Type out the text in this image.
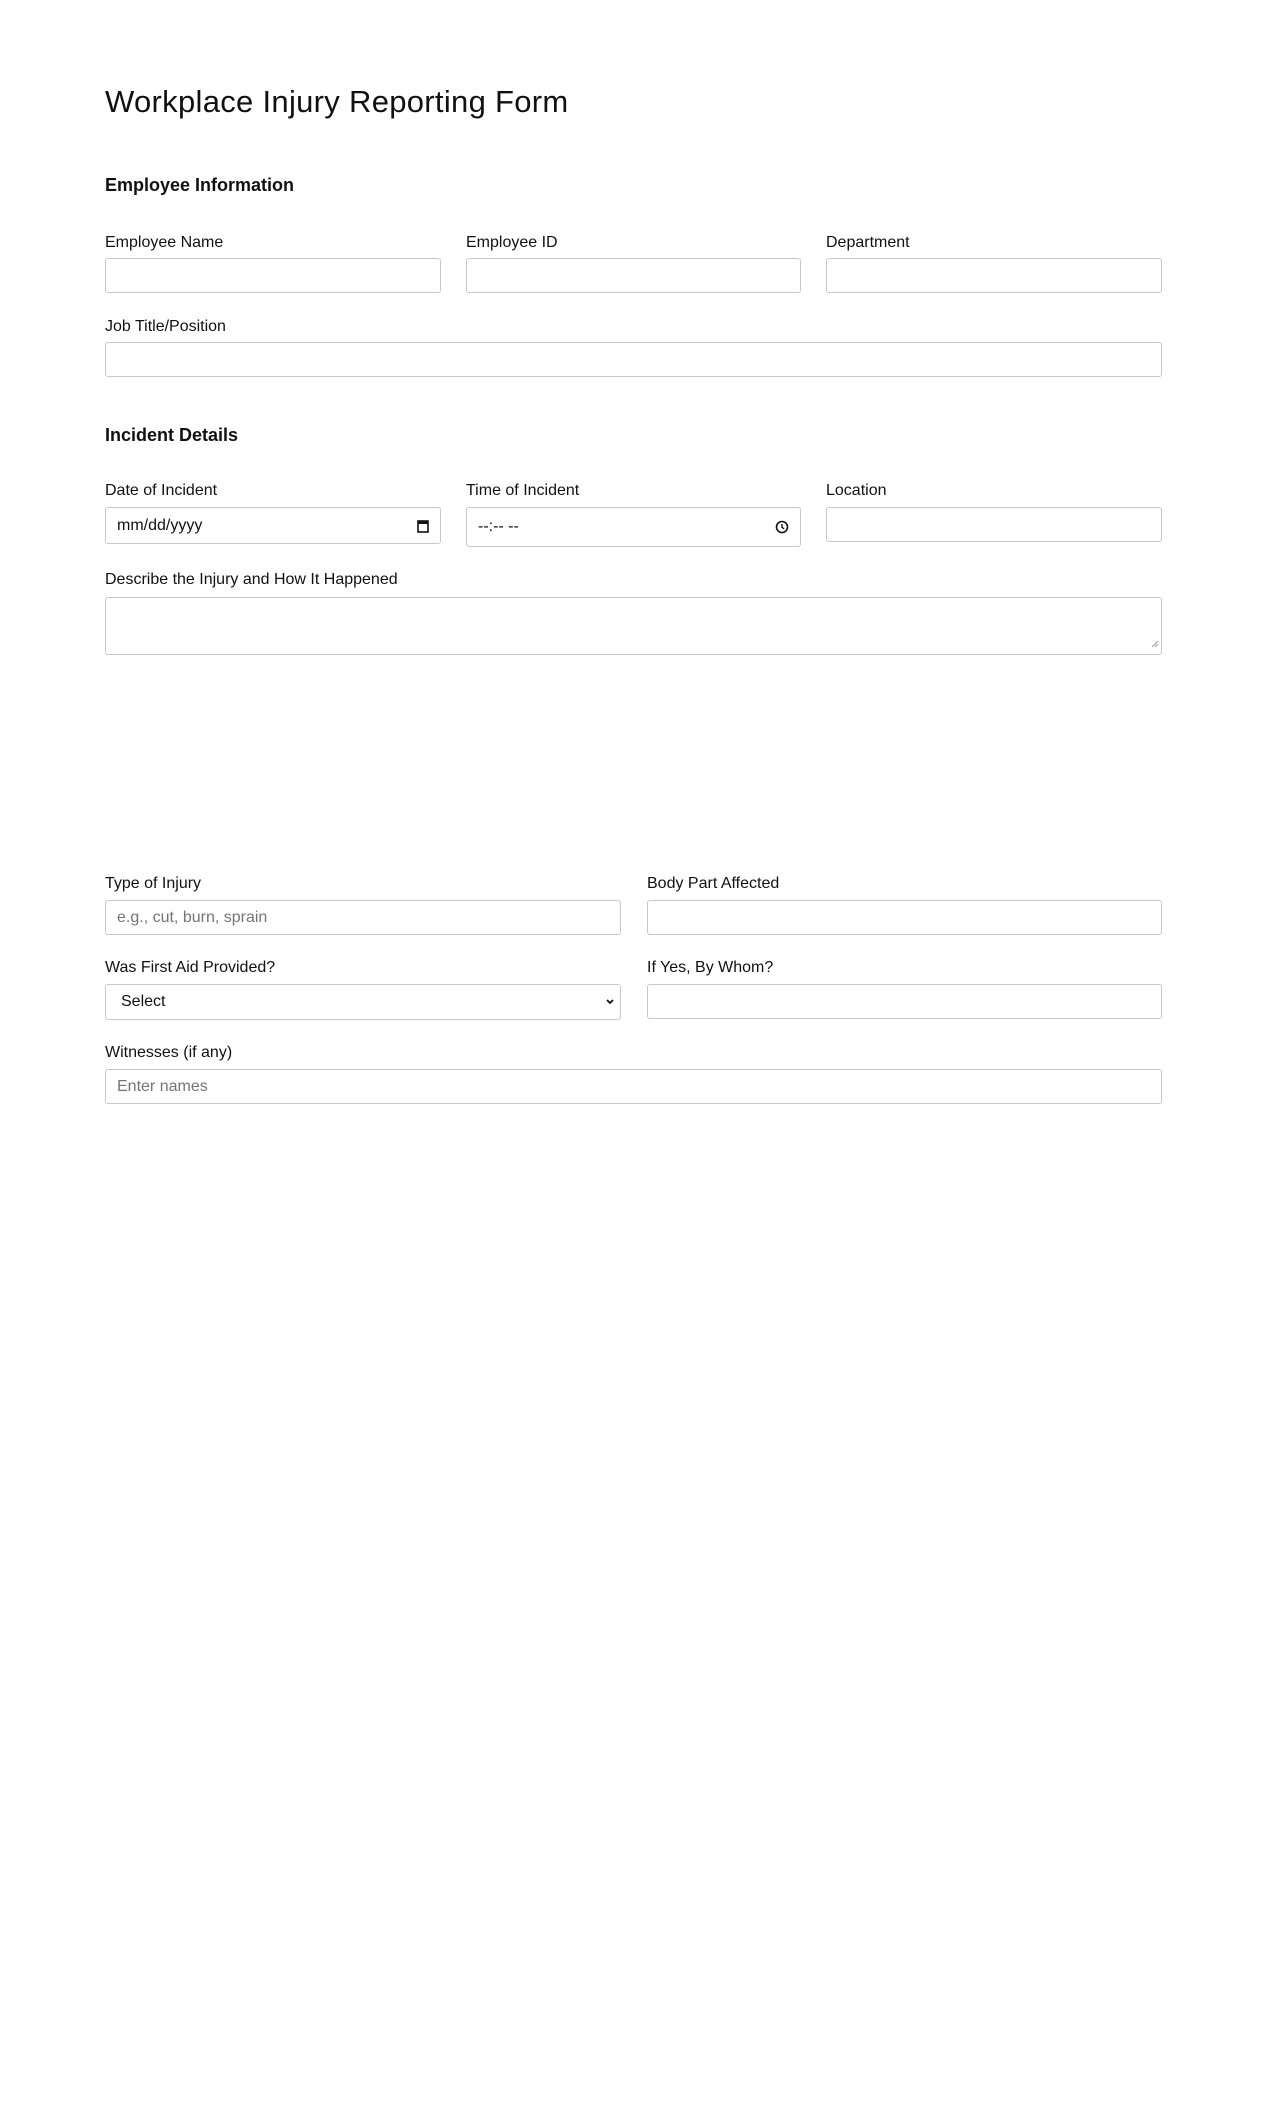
Workplace Injury Reporting Form
Employee Information
Employee Name	Employee ID	Department
Job Title/Position
Incident Details
Date of Incident
mm/dd/yyyy
Time of Incident
--:-- --
Location
Describe the Injury and How It Happened
Type of Injury
e.g., cut, burn, sprain
Body Part Affected
Was First Aid Provided?
Select
If Yes, By Whom?
Witnesses (if any)
Enter names
